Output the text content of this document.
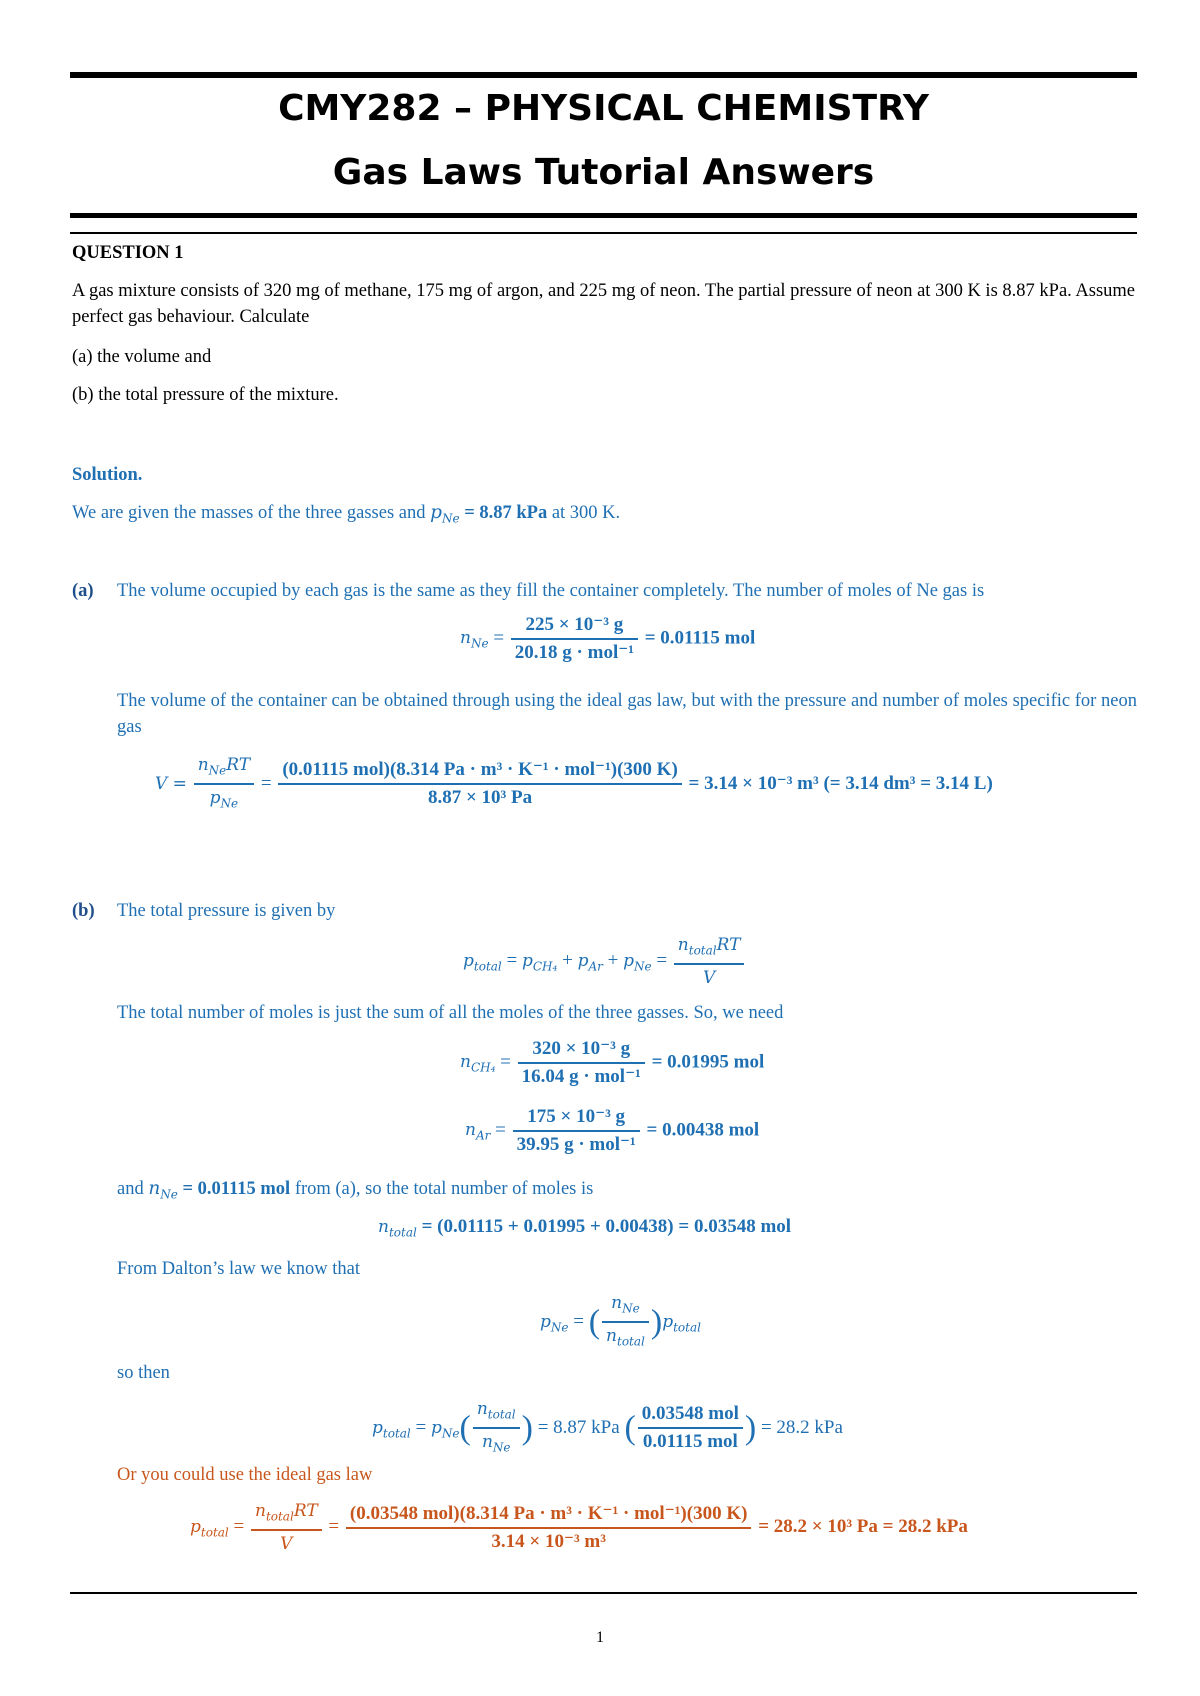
CMY282 – PHYSICAL CHEMISTRY
Gas Laws Tutorial Answers
QUESTION 1
A gas mixture consists of 320 mg of methane, 175 mg of argon, and 225 mg of neon. The partial pressure of neon at 300 K is 8.87 kPa. Assume perfect gas behaviour. Calculate
(a) the volume and
(b) the total pressure of the mixture.
Solution.
We are given the masses of the three gasses and $p_{Ne} = 8.87$ kPa at 300 K.
(a) The volume occupied by each gas is the same as they fill the container completely. The number of moles of Ne gas is
$n_{Ne} = \frac{\text{225 × 10⁻³ g}}{\text{20.18 g · mol⁻¹}} = 0.01115$ mol
The volume of the container can be obtained through using the ideal gas law, but with the pressure and number of moles specific for neon gas
$V = \frac{n_{Ne}RT}{p_{Ne}} = \frac{\text{(0.01115 mol)(8.314 Pa · m³ · K⁻¹ · mol⁻¹)(300 K)}}{\text{8.87 × 10³ Pa}} = 3.14 \times 10^{-3}$ m³ (= 3.14 dm³ = 3.14 L)
(b) The total pressure is given by
$p_{total} = p_{CH_4} + p_{Ar} + p_{Ne} = \frac{n_{total}RT}{V}$
The total number of moles is just the sum of all the moles of the three gasses. So, we need
$n_{CH_4} = \frac{\text{320 × 10⁻³ g}}{\text{16.04 g · mol⁻¹}} = 0.01995$ mol
$n_{Ar} = \frac{\text{175 × 10⁻³ g}}{\text{39.95 g · mol⁻¹}} = 0.00438$ mol
and $n_{Ne} = 0.01115$ mol from (a), so the total number of moles is
$n_{total} = (0.01115 + 0.01995 + 0.00438) = 0.03548$ mol
From Dalton’s law we know that
$p_{Ne}$ = ( $\frac{n_{Ne}}{n_{total}} )p_{total}$
so then
$p_{total} = p_{Ne}( \frac{n_{total}}{n_{Ne}}$ ) = 8.87 kPa ( $\frac{\text{0.03548 mol}}{\text{0.01115 mol}}$ ) = 28.2 kPa
Or you could use the ideal gas law
$p_{total} = \frac{n_{total}RT}{V} = \frac{\text{(0.03548 mol)(8.314 Pa · m³ · K⁻¹ · mol⁻¹)(300 K)}}{\text{3.14 × 10⁻³ m³}} = 28.2 \times 10^3$ Pa = 28.2 kPa
1
